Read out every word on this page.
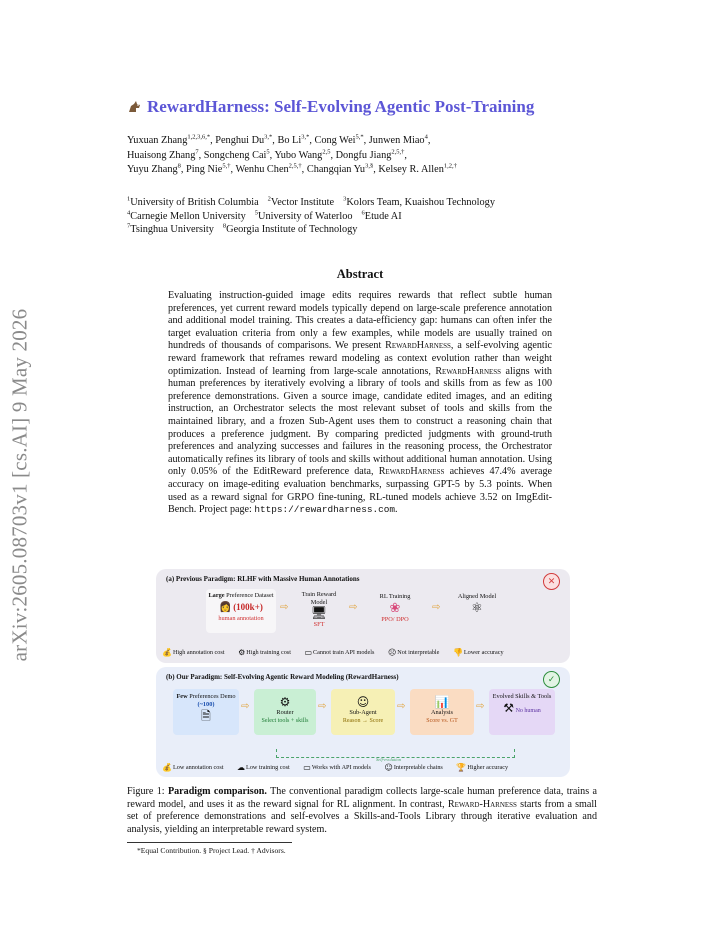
arXiv:2605.08703v1 [cs.AI] 9 May 2026
RewardHarness: Self-Evolving Agentic Post-Training
Yuxuan Zhang$^{1,2,3,6,*}$, Penghui $Du^{3,*}$, Bo $Li^{3,*}$, Cong Wei$^{5,*}$, Junwen Miao$^4$,
Huaisong Zhang$^7$, Songcheng Cai$^5$, Yubo Wang$^{2,5}$, Dongfu Jiang$^{2,5,\dagger}$,
Yuyu Zhang$^8$, Ping Nie$^{5,\dagger}$, Wenhu Chen$^{2,5,\dagger}$, Changqian $Yu^{3,\S}$, Kelsey R. Allen$^{1,2,\dagger}$
$^1$University of British Columbia $^2$Vector Institute $^3$Kolors Team, Kuaishou Technology
$^4$Carnegie Mellon University $^5$University of Waterloo $^6$Etude AI
$^7$Tsinghua University $^8$Georgia Institute of Technology
Abstract
Evaluating instruction-guided image edits requires rewards that reflect subtle human preferences, yet current reward models typically depend on large-scale preference annotation and additional model training. This creates a data-efficiency gap: humans can often infer the target evaluation criteria from only a few examples, while models are usually trained on hundreds of thousands of comparisons. We present RewardHarness, a self-evolving agentic reward framework that reframes reward modeling as context evolution rather than weight optimization. Instead of learning from large-scale annotations, RewardHarness aligns with human preferences by iteratively evolving a library of tools and skills from as few as 100 preference demonstrations. Given a source image, candidate edited images, and an editing instruction, an Orchestrator selects the most relevant subset of tools and skills from the maintained library, and a frozen Sub-Agent uses them to construct a reasoning chain that produces a preference judgment. By comparing predicted judgments with ground-truth preferences and analyzing successes and failures in the reasoning process, the Orchestrator automatically refines its library of tools and skills without additional human annotation. Using only 0.05% of the EditReward preference data, RewardHarness achieves 47.4% average accuracy on image-editing evaluation benchmarks, surpassing GPT-5 by 5.3 points. When used as a reward signal for GRPO fine-tuning, RL-tuned models achieve 3.52 on ImgEdit-Bench. Project page: https://rewardharness.com.
(a) Previous Paradigm: RLHF with Massive Human Annotations	✕
Large Preference Dataset
👩 (100k+)
human annotation
⇨
Train Reward Model
🖥
SFT
⇨
RL Training
❀
PPO/ DPO
⇨
Aligned Model
⚛
💰High annotation cost ⚙High training cost ▭Cannot train API models ☹Not interpretable 👎Lower accuracy
(b) Our Paradigm: Self-Evolving Agentic Reward Modeling (RewardHarness)	✓
Few Preferences Demo (~100)
🗎
⇨	⚙
Router
Select tools + skills
⇨	☺
Sub-Agent
Reason → Score
⇨	📊
Analysis
Score vs. GT
⇨
Evolved Skills & Tools
⚒ No human
Self-evolution
💰Low annotation cost ☁Low training cost ▭Works with API models ☺Interpretable chains 🏆Higher accuracy
Figure 1: Paradigm comparison. The conventional paradigm collects large-scale human preference data, trains a reward model, and uses it as the reward signal for RL alignment. In contrast, Reward-Harness starts from a small set of preference demonstrations and self-evolves a Skills-and-Tools Library through iterative evaluation and analysis, yielding an interpretable reward system.
*Equal Contribution. § Project Lead. † Advisors.
